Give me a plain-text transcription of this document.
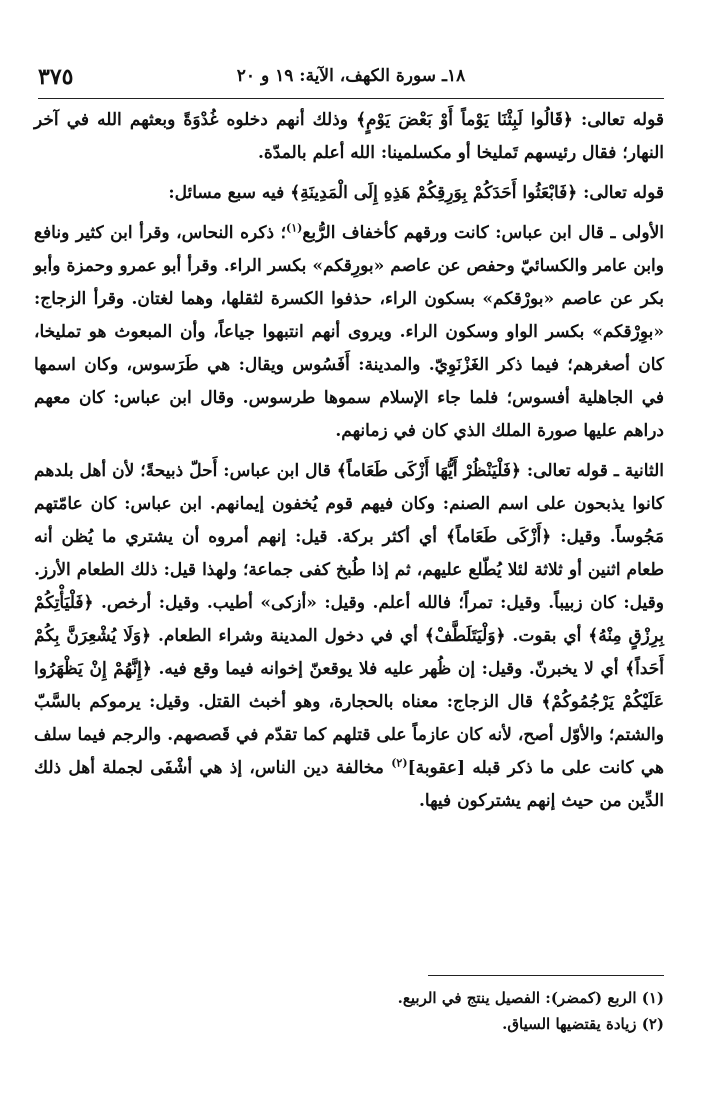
٣٧٥	١٨ـ سورة الكهف، الآية: ١٩ و ٢٠

قوله تعالى: ﴿قَالُوا لَبِثْنَا يَوْماً أَوْ بَعْضَ يَوْمٍ﴾ وذلك أنهم دخلوه غُدْوَةً وبعثهم الله في آخر النهار؛ فقال رئيسهم تَمليخا أو مكسلمينا: الله أعلم بالمدّة.

قوله تعالى: ﴿فَابْعَثُوا أَحَدَكُمْ بِوَرِقِكُمْ هَذِهِ إِلَى الْمَدِينَةِ﴾ فيه سبع مسائل:

الأولى ـ قال ابن عباس: كانت ورقهم كأخفاف الرُّبع$^{(١)}$؛ ذكره النحاس، وقرأ ابن كثير ونافع وابن عامر والكسائيّ وحفص عن عاصم «بورِقكم» بكسر الراء. وقرأ أبو عمرو وحمزة وأبو بكر عن عاصم «بورْقكم» بسكون الراء، حذفوا الكسرة لثقلها، وهما لغتان. وقرأ الزجاج: «بوِرْقكم» بكسر الواو وسكون الراء. ويروى أنهم انتبهوا جياعاً، وأن المبعوث هو تمليخا، كان أصغرهم؛ فيما ذكر الغَزْنَوِيّ. والمدينة: أَفَسُوس ويقال: هي طَرَسوس، وكان اسمها في الجاهلية أفسوس؛ فلما جاء الإسلام سموها طرسوس. وقال ابن عباس: كان معهم دراهم عليها صورة الملك الذي كان في زمانهم.

الثانية ـ قوله تعالى: ﴿فَلْيَنْظُرْ أَيُّهَا أَزْكَى طَعَاماً﴾ قال ابن عباس: أَحلّ ذبيحةً؛ لأن أهل بلدهم كانوا يذبحون على اسم الصنم: وكان فيهم قوم يُخفون إيمانهم. ابن عباس: كان عامّتهم مَجُوساً. وقيل: ﴿أَزْكَى طَعَاماً﴾ أي أكثر بركة. قيل: إنهم أمروه أن يشتري ما يُظن أنه طعام اثنين أو ثلاثة لئلا يُطّلع عليهم، ثم إذا طُبخ كفى جماعة؛ ولهذا قيل: ذلك الطعام الأرز. وقيل: كان زبيباً. وقيل: تمراً؛ فالله أعلم. وقيل: «أزكى» أطيب. وقيل: أرخص. ﴿فَلْيَأْتِكُمْ بِرِزْقٍ مِنْهُ﴾ أي بقوت. ﴿وَلْيَتَلَطَّفْ﴾ أي في دخول المدينة وشراء الطعام. ﴿وَلَا يُشْعِرَنَّ بِكُمْ أَحَداً﴾ أي لا يخبرنّ. وقيل: إن ظُهر عليه فلا يوقعنّ إخوانه فيما وقع فيه. ﴿إِنَّهُمْ إِنْ يَظْهَرُوا عَلَيْكُمْ يَرْجُمُوكُمْ﴾ قال الزجاج: معناه بالحجارة، وهو أخبث القتل. وقيل: يرموكم بالسَّبّ والشتم؛ والأوّل أصح، لأنه كان عازماً على قتلهم كما تقدّم في قَصصهم. والرجم فيما سلف هي كانت على ما ذكر قبله [عقوبة]$^{(٢)}$ مخالفة دين الناس، إذ هي أشْفَى لجملة أهل ذلك الدِّين من حيث إنهم يشتركون فيها.

(١) الربع (كمضر): الفصيل ينتج في الربيع.
(٢) زيادة يقتضيها السياق.
